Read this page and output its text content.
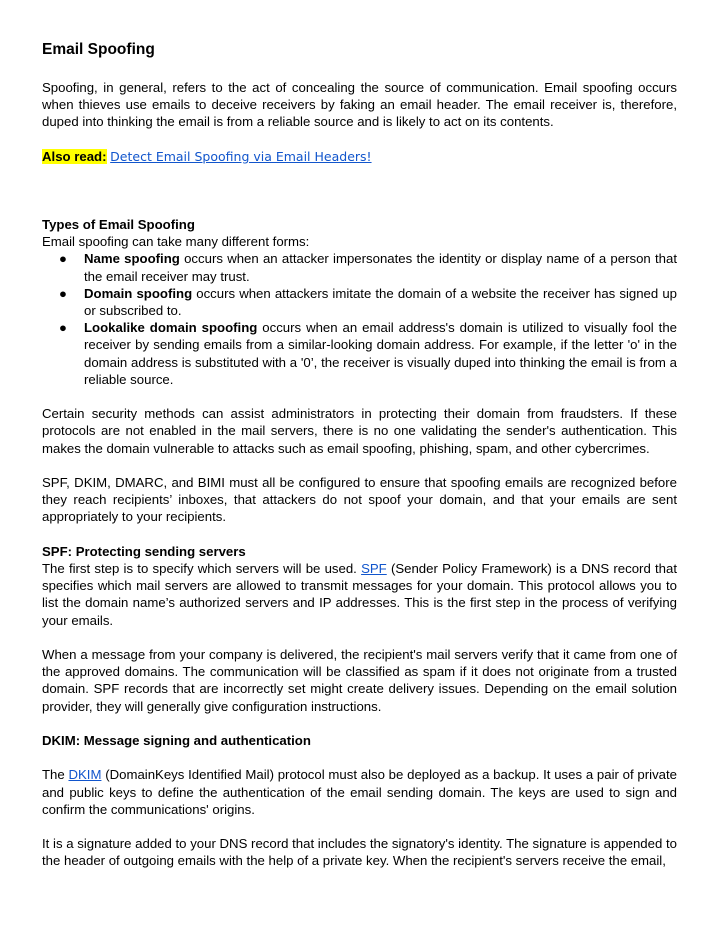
Email Spoofing

Spoofing, in general, refers to the act of concealing the source of communication. Email spoofing occurs when thieves use emails to deceive receivers by faking an email header. The email receiver is, therefore, duped into thinking the email is from a reliable source and is likely to act on its contents.

Also read: Detect Email Spoofing via Email Headers!

Types of Email Spoofing

Email spoofing can take many different forms:

● Name spoofing occurs when an attacker impersonates the identity or display name of a person that the email receiver may trust.
● Domain spoofing occurs when attackers imitate the domain of a website the receiver has signed up or subscribed to.
● Lookalike domain spoofing occurs when an email address's domain is utilized to visually fool the receiver by sending emails from a similar-looking domain address. For example, if the letter 'o' in the domain address is substituted with a '0’, the receiver is visually duped into thinking the email is from a reliable source.

Certain security methods can assist administrators in protecting their domain from fraudsters. If these protocols are not enabled in the mail servers, there is no one validating the sender's authentication. This makes the domain vulnerable to attacks such as email spoofing, phishing, spam, and other cybercrimes.

SPF, DKIM, DMARC, and BIMI must all be configured to ensure that spoofing emails are recognized before they reach recipients’ inboxes, that attackers do not spoof your domain, and that your emails are sent appropriately to your recipients.

SPF: Protecting sending servers

The first step is to specify which servers will be used. SPF (Sender Policy Framework) is a DNS record that specifies which mail servers are allowed to transmit messages for your domain. This protocol allows you to list the domain name’s authorized servers and IP addresses. This is the first step in the process of verifying your emails.

When a message from your company is delivered, the recipient's mail servers verify that it came from one of the approved domains. The communication will be classified as spam if it does not originate from a trusted domain. SPF records that are incorrectly set might create delivery issues. Depending on the email solution provider, they will generally give configuration instructions.

DKIM: Message signing and authentication

The DKIM (DomainKeys Identified Mail) protocol must also be deployed as a backup. It uses a pair of private and public keys to define the authentication of the email sending domain. The keys are used to sign and confirm the communications' origins.

It is a signature added to your DNS record that includes the signatory's identity. The signature is appended to the header of outgoing emails with the help of a private key. When the recipient's servers receive the email,
